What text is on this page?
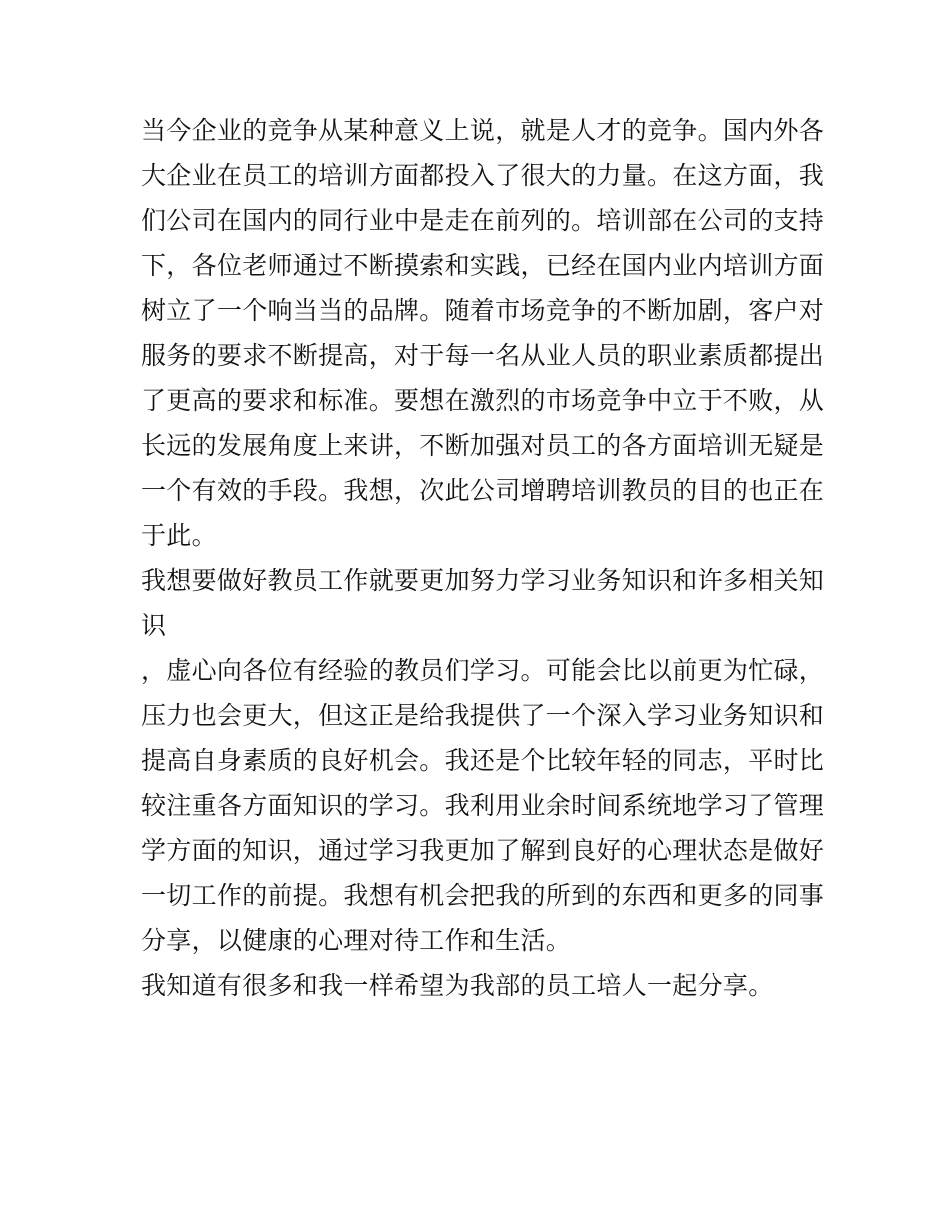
当今企业的竞争从某种意义上说，就是人才的竞争。国内外各
大企业在员工的培训方面都投入了很大的力量。在这方面，我
们公司在国内的同行业中是走在前列的。培训部在公司的支持
下，各位老师通过不断摸索和实践，已经在国内业内培训方面
树立了一个响当当的品牌。随着市场竞争的不断加剧，客户对
服务的要求不断提高，对于每一名从业人员的职业素质都提出
了更高的要求和标准。要想在激烈的市场竞争中立于不败，从
长远的发展角度上来讲，不断加强对员工的各方面培训无疑是
一个有效的手段。我想，次此公司增聘培训教员的目的也正在
于此。
我想要做好教员工作就要更加努力学习业务知识和许多相关知
识
，虚心向各位有经验的教员们学习。可能会比以前更为忙碌，
压力也会更大，但这正是给我提供了一个深入学习业务知识和
提高自身素质的良好机会。我还是个比较年轻的同志，平时比
较注重各方面知识的学习。我利用业余时间系统地学习了管理
学方面的知识，通过学习我更加了解到良好的心理状态是做好
一切工作的前提。我想有机会把我的所到的东西和更多的同事
分享，以健康的心理对待工作和生活。
我知道有很多和我一样希望为我部的员工培人一起分享。
